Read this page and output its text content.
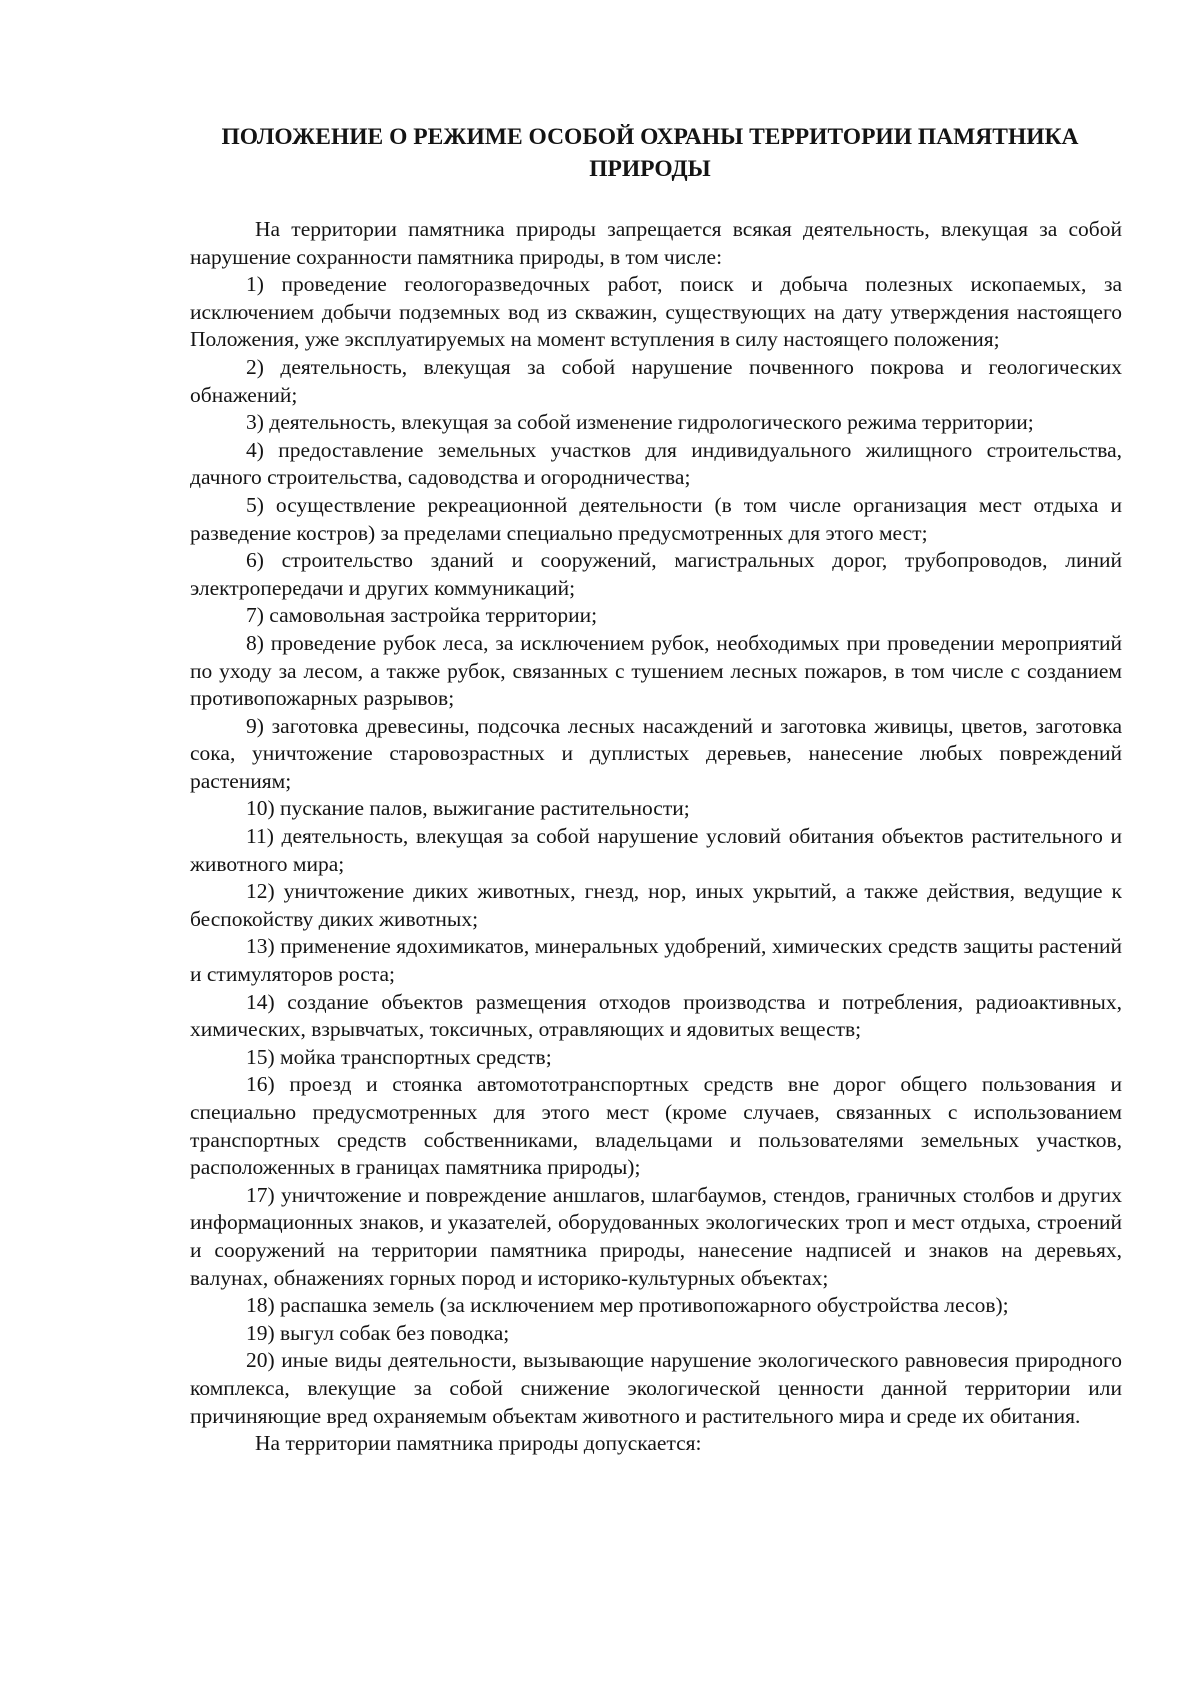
ПОЛОЖЕНИЕ О РЕЖИМЕ ОСОБОЙ ОХРАНЫ ТЕРРИТОРИИ ПАМЯТНИКА ПРИРОДЫ

На территории памятника природы запрещается всякая деятельность, влекущая за собой нарушение сохранности памятника природы, в том числе:

1) проведение геологоразведочных работ, поиск и добыча полезных ископаемых, за исключением добычи подземных вод из скважин, существующих на дату утверждения настоящего Положения, уже эксплуатируемых на момент вступления в силу настоящего положения;

2) деятельность, влекущая за собой нарушение почвенного покрова и геологических обнажений;

3) деятельность, влекущая за собой изменение гидрологического режима территории;

4) предоставление земельных участков для индивидуального жилищного строительства, дачного строительства, садоводства и огородничества;

5) осуществление рекреационной деятельности (в том числе организация мест отдыха и разведение костров) за пределами специально предусмотренных для этого мест;

6) строительство зданий и сооружений, магистральных дорог, трубопроводов, линий электропередачи и других коммуникаций;

7) самовольная застройка территории;

8) проведение рубок леса, за исключением рубок, необходимых при проведении мероприятий по уходу за лесом, а также рубок, связанных с тушением лесных пожаров, в том числе с созданием противопожарных разрывов;

9) заготовка древесины, подсочка лесных насаждений и заготовка живицы, цветов, заготовка сока, уничтожение старовозрастных и дуплистых деревьев, нанесение любых повреждений растениям;

10) пускание палов, выжигание растительности;

11) деятельность, влекущая за собой нарушение условий обитания объектов растительного и животного мира;

12) уничтожение диких животных, гнезд, нор, иных укрытий, а также действия, ведущие к беспокойству диких животных;

13) применение ядохимикатов, минеральных удобрений, химических средств защиты растений и стимуляторов роста;

14) создание объектов размещения отходов производства и потребления, радиоактивных, химических, взрывчатых, токсичных, отравляющих и ядовитых веществ;

15) мойка транспортных средств;

16) проезд и стоянка автомототранспортных средств вне дорог общего пользования и специально предусмотренных для этого мест (кроме случаев, связанных с использованием транспортных средств собственниками, владельцами и пользователями земельных участков, расположенных в границах памятника природы);

17) уничтожение и повреждение аншлагов, шлагбаумов, стендов, граничных столбов и других информационных знаков, и указателей, оборудованных экологических троп и мест отдыха, строений и сооружений на территории памятника природы, нанесение надписей и знаков на деревьях, валунах, обнажениях горных пород и историко-культурных объектах;

18) распашка земель (за исключением мер противопожарного обустройства лесов);

19) выгул собак без поводка;

20) иные виды деятельности, вызывающие нарушение экологического равновесия природного комплекса, влекущие за собой снижение экологической ценности данной территории или причиняющие вред охраняемым объектам животного и растительного мира и среде их обитания.

На территории памятника природы допускается:
